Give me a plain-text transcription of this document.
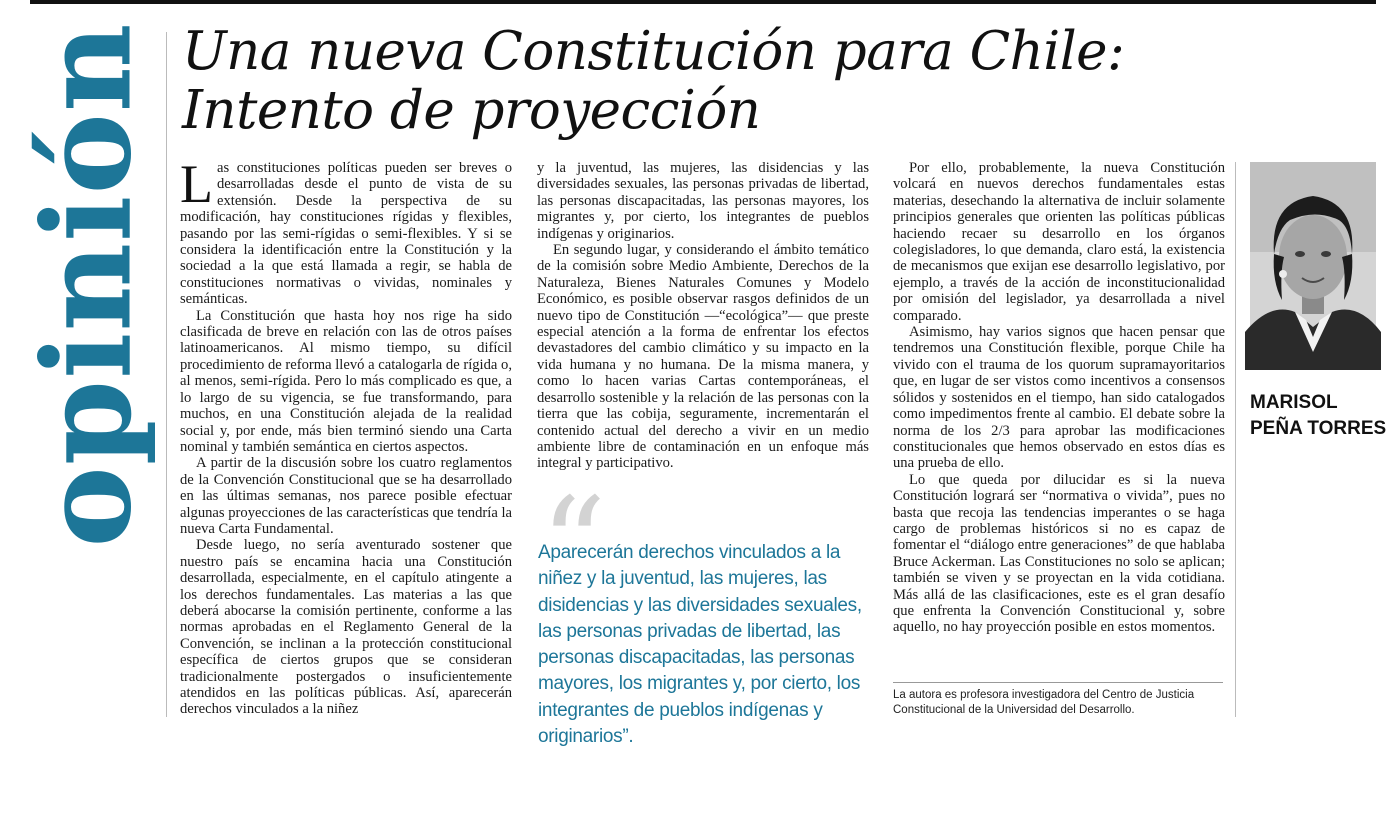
opinión Una nueva Constitución para Chile:
Intento de proyección

Las constituciones políticas pueden ser breves o desarrolladas desde el punto de vista de su extensión. Desde la perspectiva de su modificación, hay constituciones rígidas y flexibles, pasando por las semi-rígidas o semi-flexibles. Y si se considera la identificación entre la Constitución y la sociedad a la que está llamada a regir, se habla de constituciones normativas o vividas, nominales y semánticas.

La Constitución que hasta hoy nos rige ha sido clasificada de breve en relación con las de otros países latinoamericanos. Al mismo tiempo, su difícil procedimiento de reforma llevó a catalogarla de rígida o, al menos, semi-rígida. Pero lo más complicado es que, a lo largo de su vigencia, se fue transformando, para muchos, en una Constitución alejada de la realidad social y, por ende, más bien terminó siendo una Carta nominal y también semántica en ciertos aspectos.

A partir de la discusión sobre los cuatro reglamentos de la Convención Constitucional que se ha desarrollado en las últimas semanas, nos parece posible efectuar algunas proyecciones de las características que tendría la nueva Carta Fundamental.

Desde luego, no sería aventurado sostener que nuestro país se encamina hacia una Constitución desarrollada, especialmente, en el capítulo atingente a los derechos fundamentales. Las materias a las que deberá abocarse la comisión pertinente, conforme a las normas aprobadas en el Reglamento General de la Convención, se inclinan a la protección constitucional específica de ciertos grupos que se consideran tradicionalmente postergados o insuficientemente atendidos en las políticas públicas. Así, aparecerán derechos vinculados a la niñez

y la juventud, las mujeres, las disidencias y las diversidades sexuales, las personas privadas de libertad, las personas discapacitadas, las personas mayores, los migrantes y, por cierto, los integrantes de pueblos indígenas y originarios.

En segundo lugar, y considerando el ámbito temático de la comisión sobre Medio Ambiente, Derechos de la Naturaleza, Bienes Naturales Comunes y Modelo Económico, es posible observar rasgos definidos de un nuevo tipo de Constitución —“ecológica”— que preste especial atención a la forma de enfrentar los efectos devastadores del cambio climático y su impacto en la vida humana y no humana. De la misma manera, y como lo hacen varias Cartas contemporáneas, el desarrollo sostenible y la relación de las personas con la tierra que las cobija, seguramente, incrementarán el contenido actual del derecho a vivir en un medio ambiente libre de contaminación en un enfoque más integral y participativo.

“
Aparecerán derechos vinculados a la niñez y la juventud, las mujeres, las disidencias y las diversidades sexuales, las personas privadas de libertad, las personas discapacitadas, las personas mayores, los migrantes y, por cierto, los integrantes de pueblos indígenas y originarios”.

Por ello, probablemente, la nueva Constitución volcará en nuevos derechos fundamentales estas materias, desechando la alternativa de incluir solamente principios generales que orienten las políticas públicas haciendo recaer su desarrollo en los órganos colegisladores, lo que demanda, claro está, la existencia de mecanismos que exijan ese desarrollo legislativo, por ejemplo, a través de la acción de inconstitucionalidad por omisión del legislador, ya desarrollada a nivel comparado.

Asimismo, hay varios signos que hacen pensar que tendremos una Constitución flexible, porque Chile ha vivido con el trauma de los quorum supramayoritarios que, en lugar de ser vistos como incentivos a consensos sólidos y sostenidos en el tiempo, han sido catalogados como impedimentos frente al cambio. El debate sobre la norma de los 2/3 para aprobar las modificaciones constitucionales que hemos observado en estos días es una prueba de ello.

Lo que queda por dilucidar es si la nueva Constitución logrará ser “normativa o vivida”, pues no basta que recoja las tendencias imperantes o se haga cargo de problemas históricos si no es capaz de fomentar el “diálogo entre generaciones” de que hablaba Bruce Ackerman. Las Constituciones no solo se aplican; también se viven y se proyectan en la vida cotidiana. Más allá de las clasificaciones, este es el gran desafío que enfrenta la Convención Constitucional y, sobre aquello, no hay proyección posible en estos momentos.

La autora es profesora investigadora del Centro de Justicia Constitucional de la Universidad del Desarrollo.
MARISOL
PEÑA TORRES
